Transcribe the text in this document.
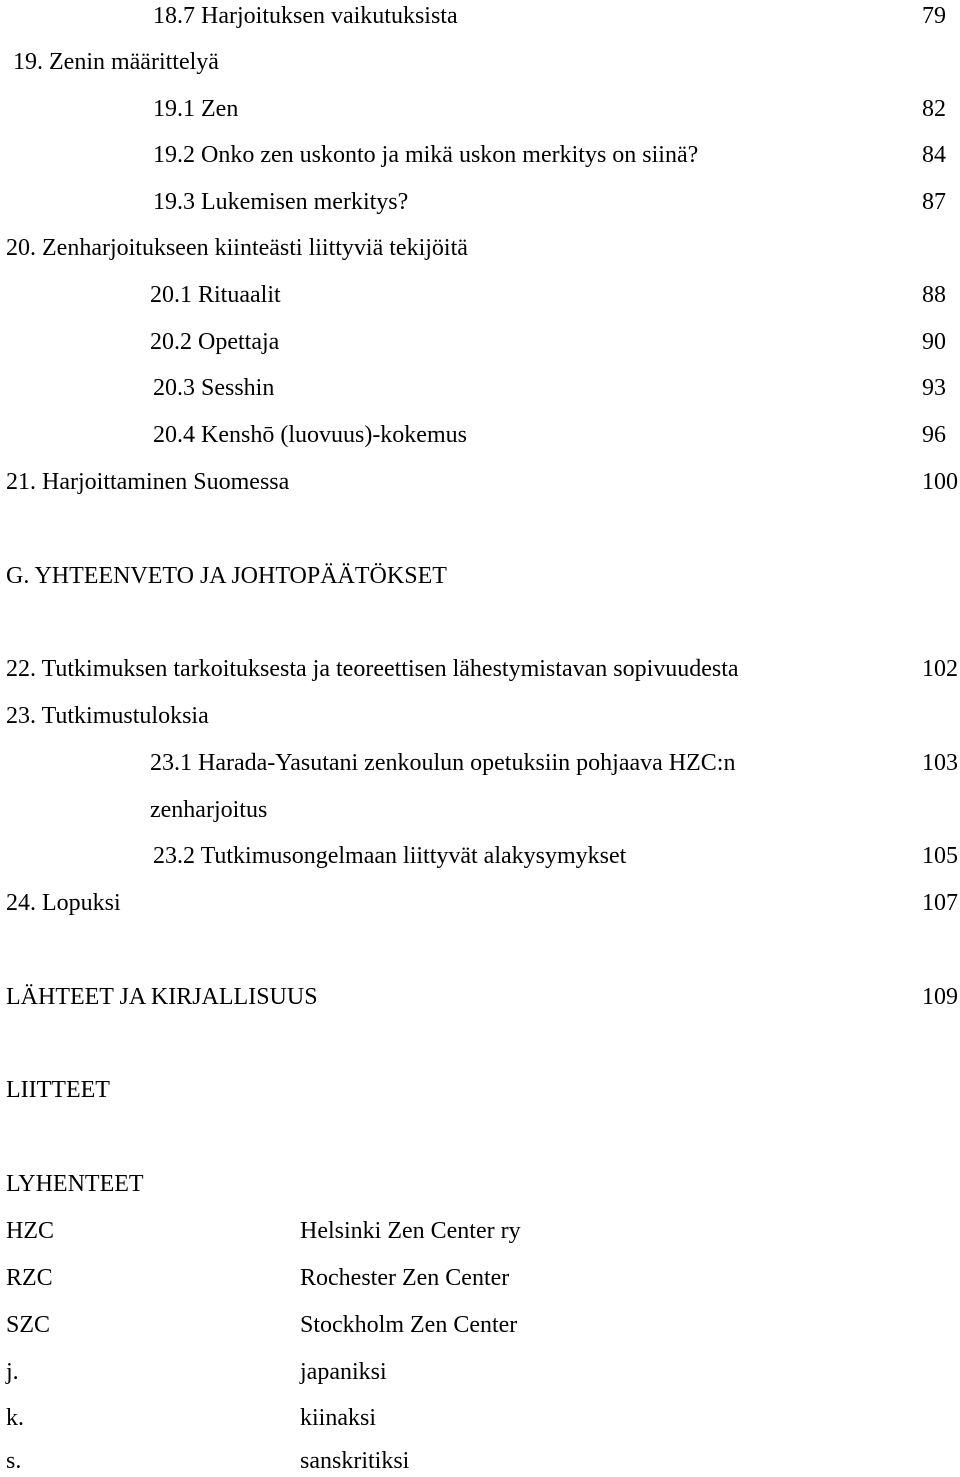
18.7 Harjoituksen vaikutuksista	79
19. Zenin määrittelyä
19.1 Zen	82
19.2 Onko zen uskonto ja mikä uskon merkitys on siinä?	84
19.3 Lukemisen merkitys?	87
20. Zenharjoitukseen kiinteästi liittyviä tekijöitä
20.1 Rituaalit	88
20.2 Opettaja	90
20.3 Sesshin	93
20.4 Kenshō (luovuus)-kokemus	96
21. Harjoittaminen Suomessa	100
G. YHTEENVETO JA JOHTOPÄÄTÖKSET
22. Tutkimuksen tarkoituksesta ja teoreettisen lähestymistavan sopivuudesta	102
23. Tutkimustuloksia
23.1 Harada-Yasutani zenkoulun opetuksiin pohjaava HZC:n	103
zenharjoitus
23.2 Tutkimusongelmaan liittyvät alakysymykset	105
24. Lopuksi	107
LÄHTEET JA KIRJALLISUUS	109
LIITTEET
LYHENTEET
HZC	Helsinki Zen Center ry
RZC	Rochester Zen Center
SZC	Stockholm Zen Center
j.	japaniksi
k.	kiinaksi
s.	sanskritiksi
